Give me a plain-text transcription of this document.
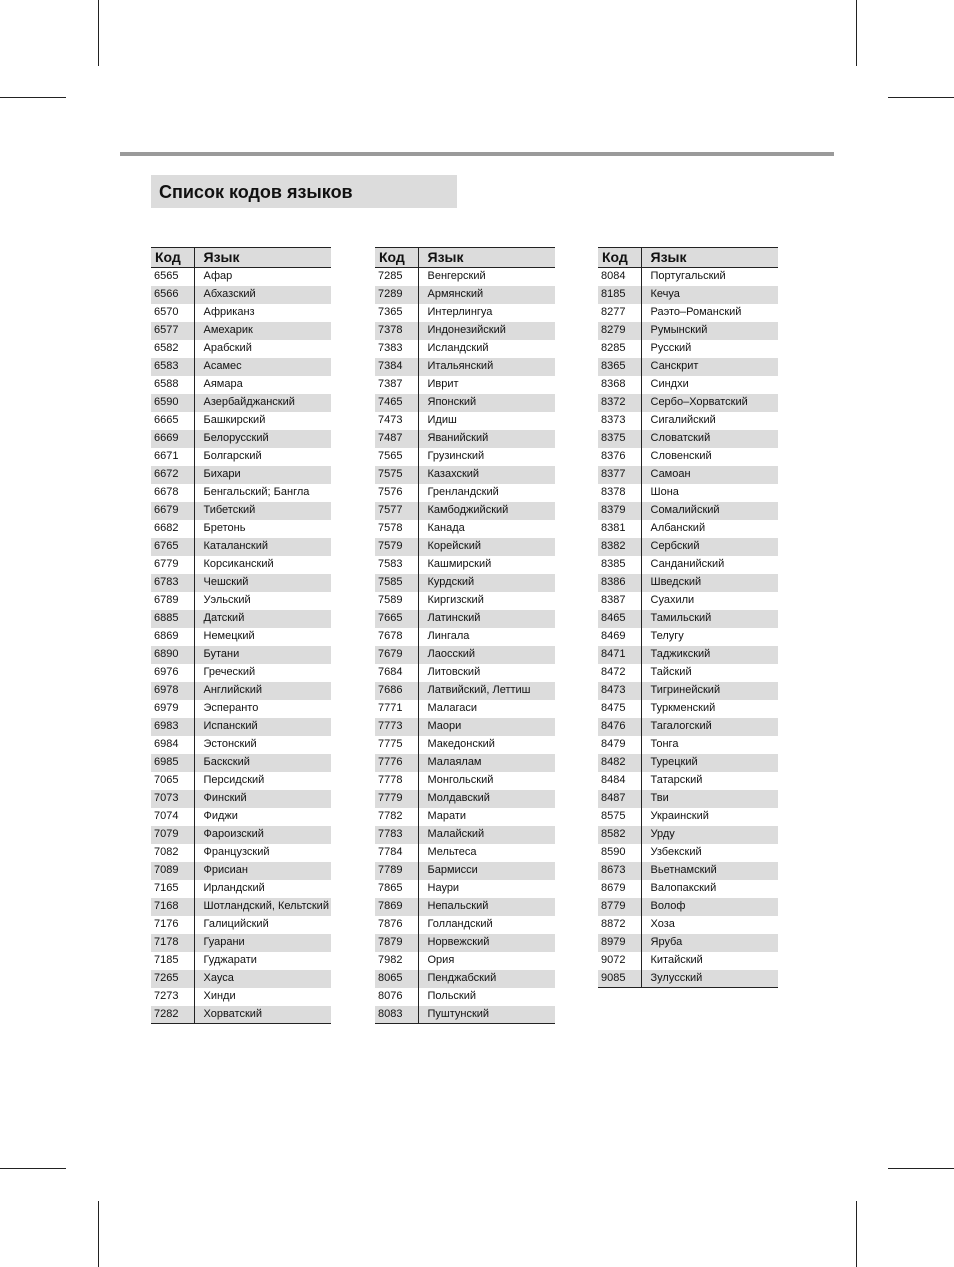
Список кодов языков
Код	Язык
6565	Афар
6566	Абхазский
6570	Африканз
6577	Амехарик
6582	Арабский
6583	Асамес
6588	Аямара
6590	Азербайджанский
6665	Башкирский
6669	Белорусский
6671	Болгарский
6672	Бихари
6678	Бенгальский; Бангла
6679	Тибетский
6682	Бретонь
6765	Каталанский
6779	Корсиканский
6783	Чешский
6789	Уэльский
6885	Датский
6869	Немецкий
6890	Бутани
6976	Греческий
6978	Английский
6979	Эсперанто
6983	Испанский
6984	Эстонский
6985	Баскский
7065	Персидский
7073	Финский
7074	Фиджи
7079	Фароизский
7082	Французский
7089	Фрисиан
7165	Ирландский
7168	Шотландский, Кельтский
7176	Галицийский
7178	Гуарани
7185	Гуджарати
7265	Хауса
7273	Хинди
7282	Хорватский
Код	Язык
7285	Венгерский
7289	Армянский
7365	Интерлингуа
7378	Индонезийский
7383	Исландский
7384	Итальянский
7387	Иврит
7465	Японский
7473	Идиш
7487	Яванийский
7565	Грузинский
7575	Казахский
7576	Гренландский
7577	Камбоджийский
7578	Канада
7579	Корейский
7583	Кашмирский
7585	Курдский
7589	Киргизский
7665	Латинский
7678	Лингала
7679	Лаосский
7684	Литовский
7686	Латвийский, Леттиш
7771	Малагаси
7773	Маори
7775	Македонский
7776	Малаялам
7778	Монгольский
7779	Молдавский
7782	Марати
7783	Малайский
7784	Мельтеса
7789	Бармисси
7865	Наури
7869	Непальский
7876	Голландский
7879	Норвежский
7982	Ория
8065	Пенджабский
8076	Польский
8083	Пуштунский
Код	Язык
8084	Португальский
8185	Кечуа
8277	Раэто–Романский
8279	Румынский
8285	Русский
8365	Санскрит
8368	Синдхи
8372	Сербо–Хорватский
8373	Сигалийский
8375	Словатский
8376	Словенский
8377	Самоан
8378	Шона
8379	Сомалийский
8381	Албанский
8382	Сербский
8385	Санданийский
8386	Шведский
8387	Суахили
8465	Тамильский
8469	Телугу
8471	Таджикский
8472	Тайский
8473	Тигринейский
8475	Туркменский
8476	Тагалогский
8479	Тонга
8482	Турецкий
8484	Татарский
8487	Тви
8575	Украинский
8582	Урду
8590	Узбекский
8673	Вьетнамский
8679	Валопакский
8779	Волоф
8872	Хоза
8979	Яруба
9072	Китайский
9085	Зулусский
